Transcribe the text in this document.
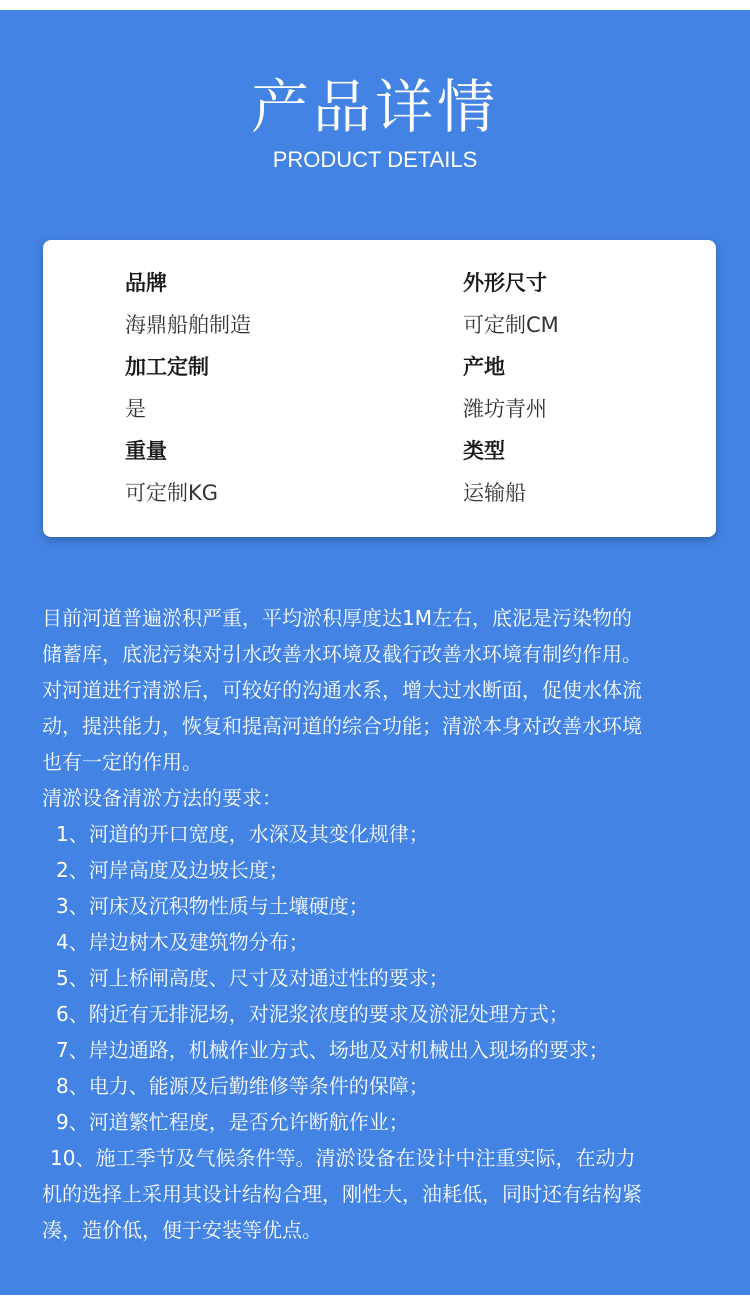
产品详情
PRODUCT DETAILS
品牌
海鼎船舶制造
外形尺寸
可定制CM
加工定制
是
产地
潍坊青州
重量
可定制KG
类型
运输船

目前河道普遍淤积严重，平均淤积厚度达1M左右，底泥是污染物的

储蓄库，底泥污染对引水改善水环境及截行改善水环境有制约作用。

对河道进行清淤后，可较好的沟通水系，增大过水断面，促使水体流

动，提洪能力，恢复和提高河道的综合功能；清淤本身对改善水环境

也有一定的作用。

清淤设备清淤方法的要求：

1、河道的开口宽度，水深及其变化规律；

2、河岸高度及边坡长度；

3、河床及沉积物性质与土壤硬度；

4、岸边树木及建筑物分布；

5、河上桥闸高度、尺寸及对通过性的要求；

6、附近有无排泥场，对泥浆浓度的要求及淤泥处理方式；

7、岸边通路，机械作业方式、场地及对机械出入现场的要求；

8、电力、能源及后勤维修等条件的保障；

9、河道繁忙程度，是否允许断航作业；

10、施工季节及气候条件等。清淤设备在设计中注重实际，在动力

机的选择上采用其设计结构合理，刚性大，油耗低，同时还有结构紧

凑，造价低，便于安装等优点。
